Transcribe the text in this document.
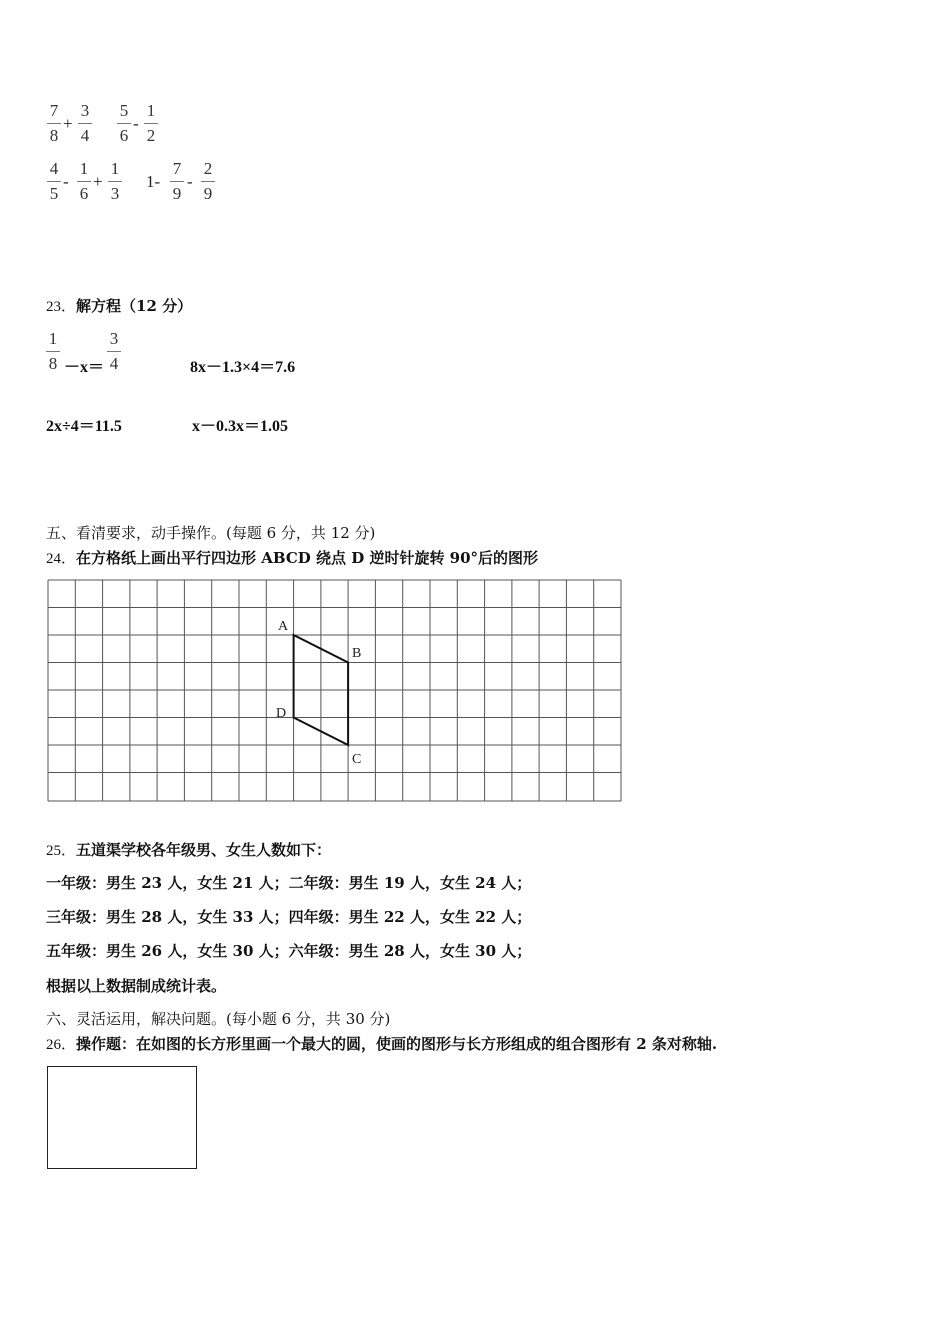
7
8
+
3
4
5
6
-
1
2
4
5
-
1
6
+
1
3
1-
7
9
-
2
9
23．解方程（12 分）
1
8 －x＝
3
4	8x－1.3×4＝7.6
2x÷4＝11.5	x－0.3x＝1.05
五、看清要求，动手操作。(每题 6 分，共 12 分)
24．在方格纸上画出平行四边形 ABCD 绕点 D 逆时针旋转 90°后的图形
A
B
C
D
25．五道渠学校各年级男、女生人数如下：
一年级：男生 23 人，女生 21 人；二年级：男生 19 人，女生 24 人；
三年级：男生 28 人，女生 33 人；四年级：男生 22 人，女生 22 人；
五年级：男生 26 人，女生 30 人；六年级：男生 28 人，女生 30 人；
根据以上数据制成统计表。
六、灵活运用，解决问题。(每小题 6 分，共 30 分)
26．操作题：在如图的长方形里画一个最大的圆，使画的图形与长方形组成的组合图形有 2 条对称轴.
